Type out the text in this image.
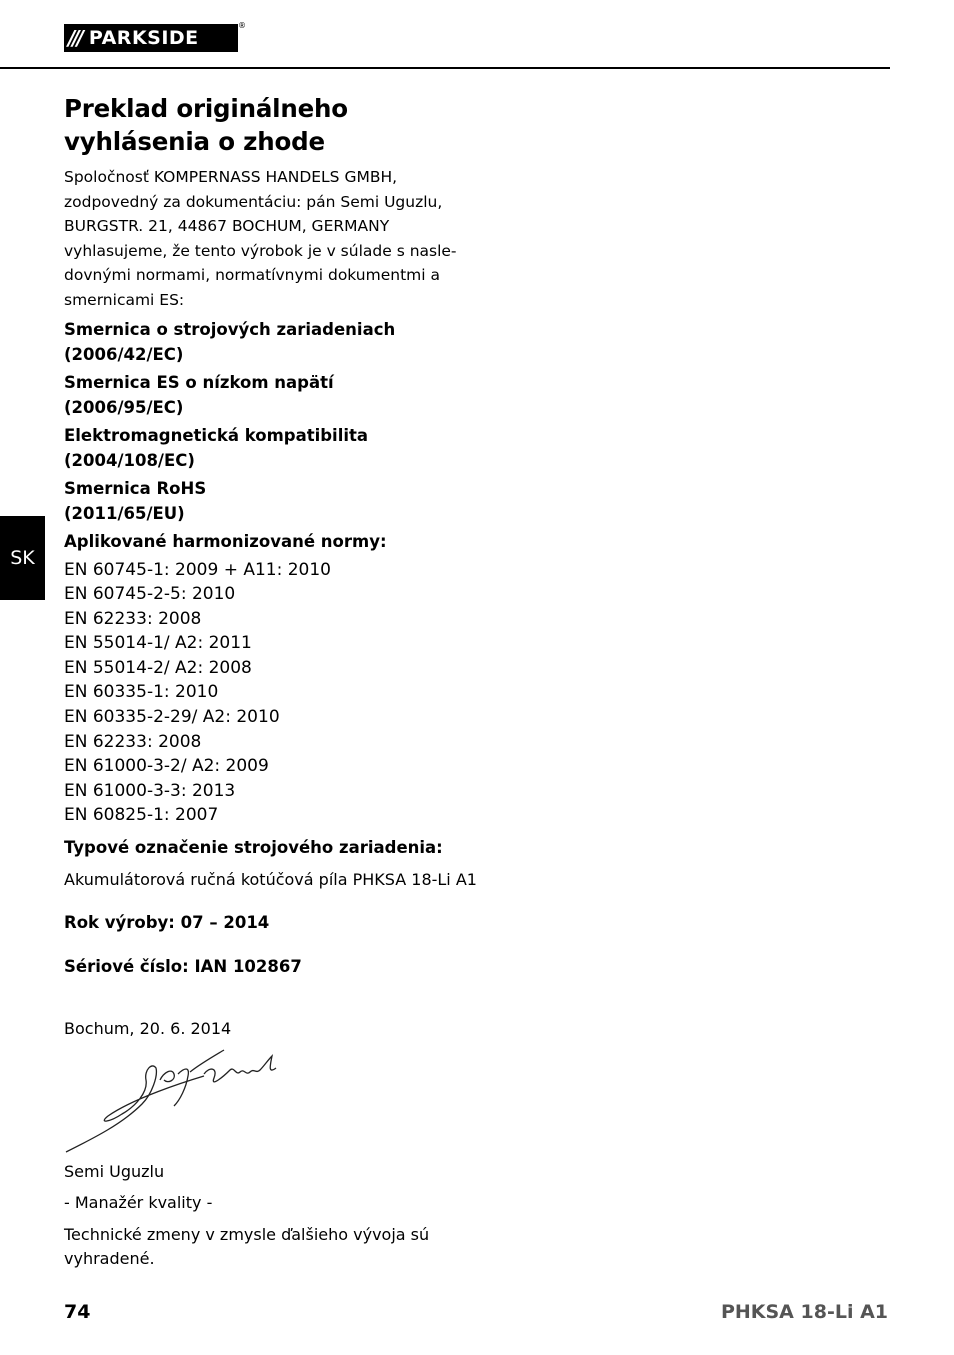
/// PARKSIDE
®
SK
Preklad originálneho
vyhlásenia o zhode
Spoločnosť KOMPERNASS HANDELS GMBH,
zodpovedný za dokumentáciu: pán Semi Uguzlu,
BURGSTR. 21, 44867 BOCHUM, GERMANY
vyhlasujeme, že tento výrobok je v súlade s nasle-
dovnými normami, normatívnymi dokumentmi a
smernicami ES:
Smernica o strojových zariadeniach
(2006/42/EC)
Smernica ES o nízkom napätí
(2006/95/EC)
Elektromagnetická kompatibilita
(2004/108/EC)
Smernica RoHS
(2011/65/EU)
Aplikované harmonizované normy:
EN 60745-1: 2009 + A11: 2010
EN 60745-2-5: 2010
EN 62233: 2008
EN 55014-1/ A2: 2011
EN 55014-2/ A2: 2008
EN 60335-1: 2010
EN 60335-2-29/ A2: 2010
EN 62233: 2008
EN 61000-3-2/ A2: 2009
EN 61000-3-3: 2013
EN 60825-1: 2007
Typové označenie strojového zariadenia:
Akumulátorová ručná kotúčová píla PHKSA 18-Li A1
Rok výroby: 07 – 2014
Sériové číslo: IAN 102867
Bochum, 20. 6. 2014
Semi Uguzlu
- Manažér kvality -
Technické zmeny v zmysle ďalšieho vývoja sú
vyhradené.
74	PHKSA 18-Li A1
